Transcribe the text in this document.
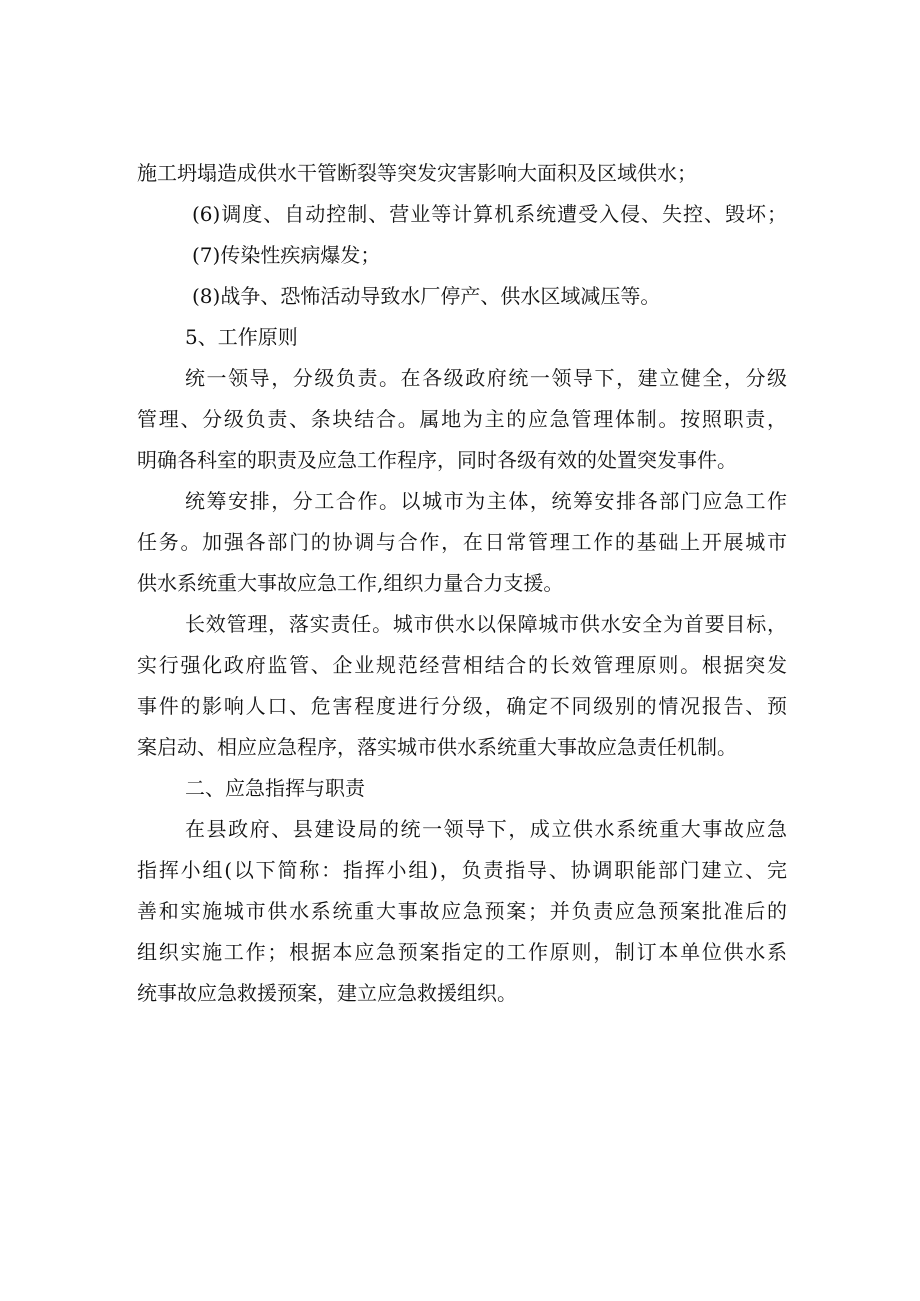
施工坍塌造成供水干管断裂等突发灾害影响大面积及区域供水；
(6)调度、自动控制、营业等计算机系统遭受入侵、失控、毁坏；
(7)传染性疾病爆发；
(8)战争、恐怖活动导致水厂停产、供水区域减压等。
5、工作原则
统一领导，分级负责。在各级政府统一领导下，建立健全，分级
管理、分级负责、条块结合。属地为主的应急管理体制。按照职责，
明确各科室的职责及应急工作程序，同时各级有效的处置突发事件。
统筹安排，分工合作。以城市为主体，统筹安排各部门应急工作
任务。加强各部门的协调与合作，在日常管理工作的基础上开展城市
供水系统重大事故应急工作,组织力量合力支援。
长效管理，落实责任。城市供水以保障城市供水安全为首要目标，
实行强化政府监管、企业规范经营相结合的长效管理原则。根据突发
事件的影响人口、危害程度进行分级，确定不同级别的情况报告、预
案启动、相应应急程序，落实城市供水系统重大事故应急责任机制。
二、应急指挥与职责
在县政府、县建设局的统一领导下，成立供水系统重大事故应急
指挥小组(以下简称：指挥小组)，负责指导、协调职能部门建立、完
善和实施城市供水系统重大事故应急预案；并负责应急预案批准后的
组织实施工作；根据本应急预案指定的工作原则，制订本单位供水系
统事故应急救援预案，建立应急救援组织。
